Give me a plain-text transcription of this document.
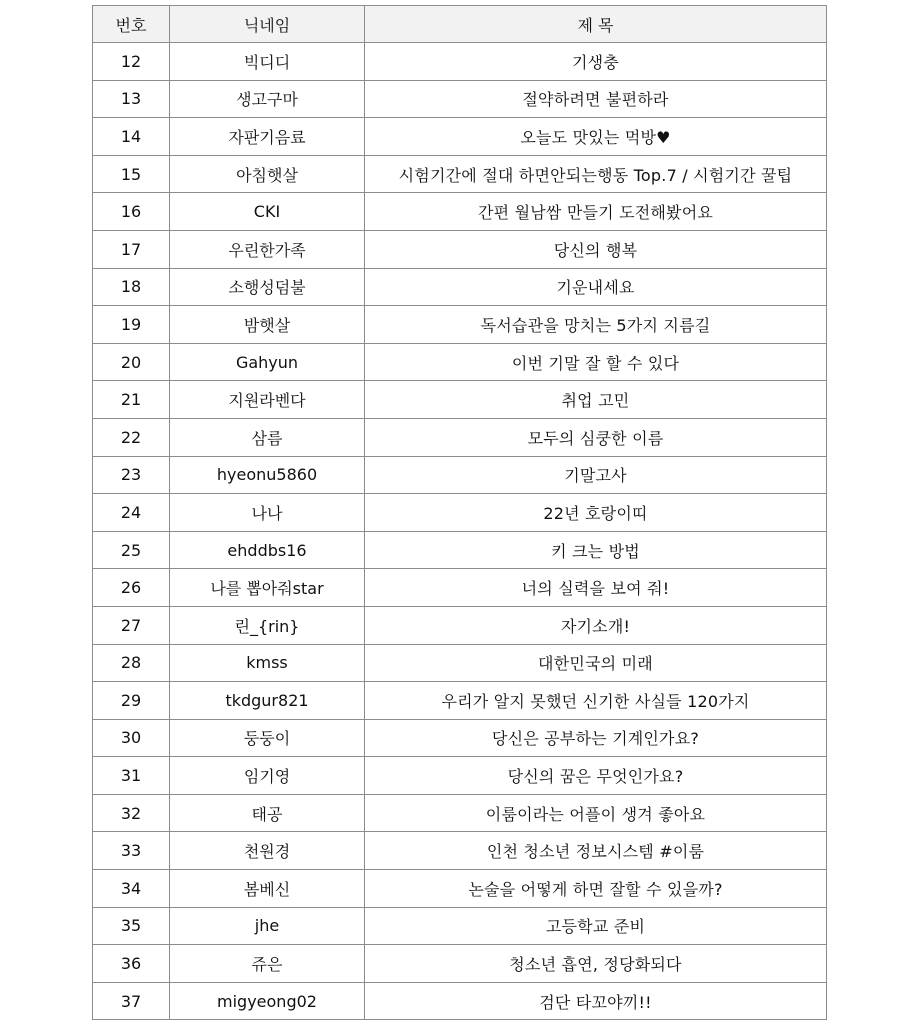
번호	닉네임	제 목
12	빅디디	기생충
13	생고구마	절약하려면 불편하라
14	자판기음료	오늘도 맛있는 먹방♥
15	아침햇살	시험기간에 절대 하면안되는행동 Top.7 / 시험기간 꿀팁
16	CKI	간편 월남쌈 만들기 도전해봤어요
17	우린한가족	당신의 행복
18	소행성덤불	기운내세요
19	밤햇살	독서습관을 망치는 5가지 지름길
20	Gahyun	이번 기말 잘 할 수 있다
21	지원라벤다	취업 고민
22	삼름	모두의 심쿵한 이름
23	hyeonu5860	기말고사
24	나나	22년 호랑이띠
25	ehddbs16	키 크는 방법
26	나를 뽑아줘star	너의 실력을 보여 줘!
27	린_{rin}	자기소개!
28	kmss	대한민국의 미래
29	tkdgur821	우리가 알지 못했던 신기한 사실들 120가지
30	둥둥이	당신은 공부하는 기계인가요?
31	임기영	당신의 꿈은 무엇인가요?
32	태공	이룸이라는 어플이 생겨 좋아요
33	천원경	인천 청소년 정보시스템 #이룸
34	봄베신	논술을 어떻게 하면 잘할 수 있을까?
35	jhe	고등학교 준비
36	쥬은	청소년 흡연, 정당화되다
37	migyeong02	검단 타꼬야끼!!
